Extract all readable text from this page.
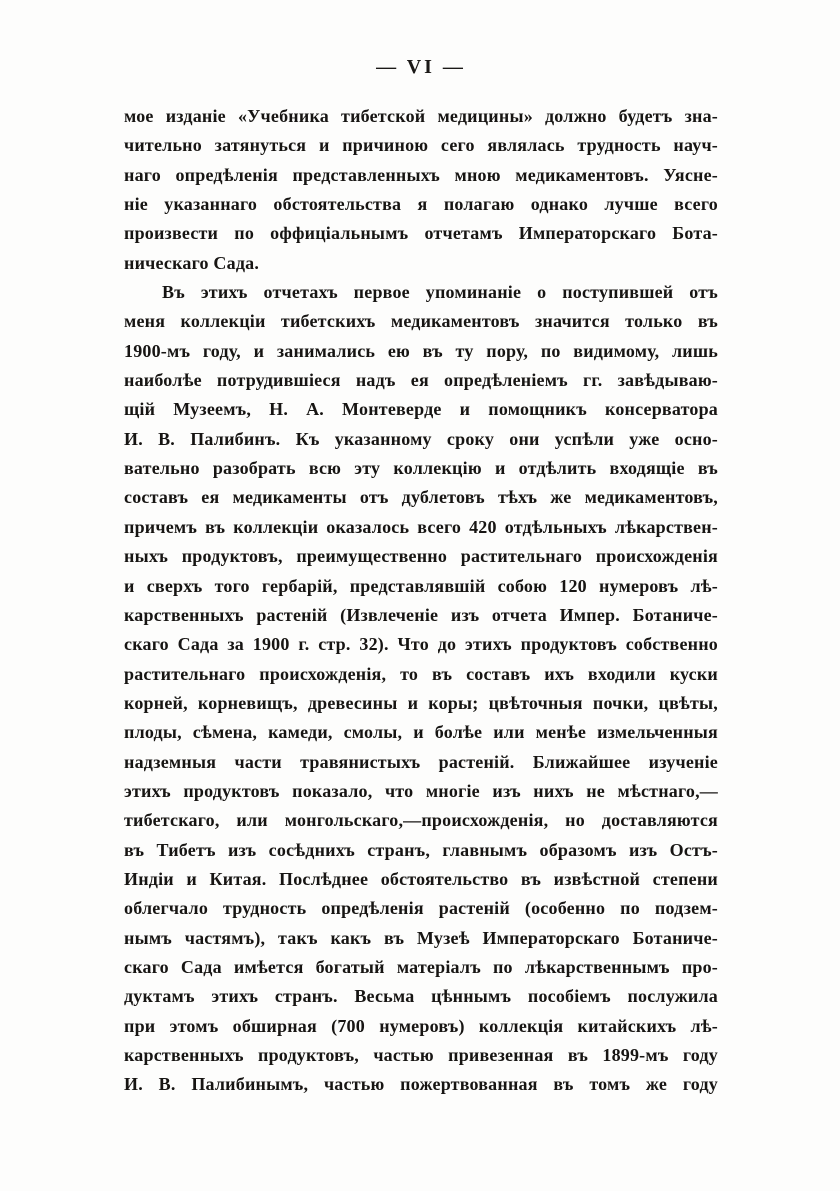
— VI —
мое изданіе «Учебника тибетской медицины» должно будетъ зна-
чительно затянуться и причиною сего являлась трудность науч-
наго опредѣленія представленныхъ мною медикаментовъ. Уясне-
ніе указаннаго обстоятельства я полагаю однако лучше всего
произвести по оффиціальнымъ отчетамъ Императорскаго Бота-
ническаго Сада.
Въ этихъ отчетахъ первое упоминаніе о поступившей отъ
меня коллекціи тибетскихъ медикаментовъ значится только въ
1900-мъ году, и занимались ею въ ту пору, по видимому, лишь
наиболѣе потрудившіеся надъ ея опредѣленіемъ гг. завѣдываю-
щій Музеемъ, Н. А. Монтеверде и помощникъ консерватора
И. В. Палибинъ. Къ указанному сроку они успѣли уже осно-
вательно разобрать всю эту коллекцію и отдѣлить входящіе въ
составъ ея медикаменты отъ дублетовъ тѣхъ же медикаментовъ,
причемъ въ коллекціи оказалось всего 420 отдѣльныхъ лѣкарствен-
ныхъ продуктовъ, преимущественно растительнаго происхожденія
и сверхъ того гербарій, представлявшій собою 120 нумеровъ лѣ-
карственныхъ растеній (Извлеченіе изъ отчета Импер. Ботаниче-
скаго Сада за 1900 г. стр. 32). Что до этихъ продуктовъ собственно
растительнаго происхожденія, то въ составъ ихъ входили куски
корней, корневищъ, древесины и коры; цвѣточныя почки, цвѣты,
плоды, сѣмена, камеди, смолы, и болѣе или менѣе измельченныя
надземныя части травянистыхъ растеній. Ближайшее изученіе
этихъ продуктовъ показало, что многіе изъ нихъ не мѣстнаго,—
тибетскаго, или монгольскаго,—происхожденія, но доставляются
въ Тибетъ изъ сосѣднихъ странъ, главнымъ образомъ изъ Остъ-
Индіи и Китая. Послѣднее обстоятельство въ извѣстной степени
облегчало трудность опредѣленія растеній (особенно по подзем-
нымъ частямъ), такъ какъ въ Музеѣ Императорскаго Ботаниче-
скаго Сада имѣется богатый матеріалъ по лѣкарственнымъ про-
дуктамъ этихъ странъ. Весьма цѣннымъ пособіемъ послужила
при этомъ обширная (700 нумеровъ) коллекція китайскихъ лѣ-
карственныхъ продуктовъ, частью привезенная въ 1899-мъ году
И. В. Палибинымъ, частью пожертвованная въ томъ же году
